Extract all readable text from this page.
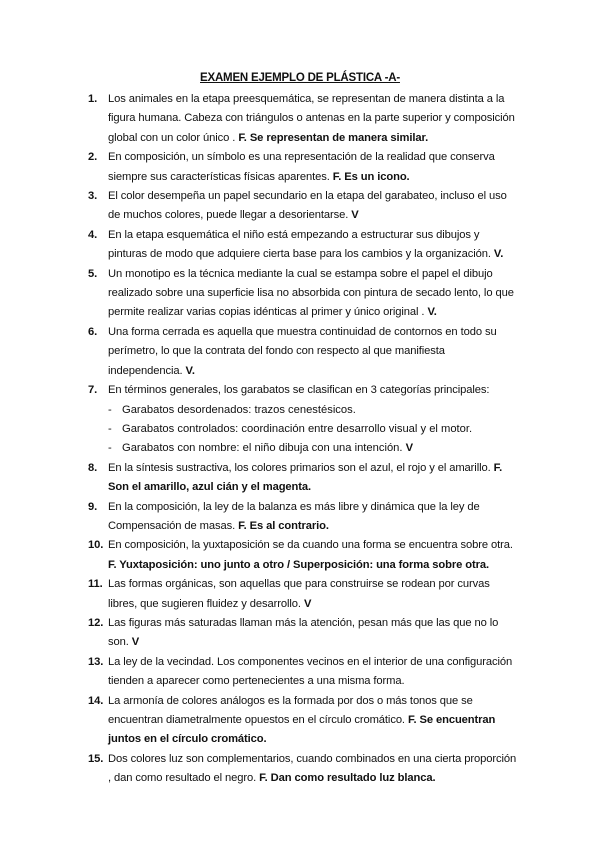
EXAMEN EJEMPLO DE PLÁSTICA -A-
1. Los animales en la etapa preesquemática, se representan de manera distinta a la figura humana. Cabeza con triángulos o antenas en la parte superior y composición global con un color único . F. Se representan de manera similar.
2. En composición, un símbolo es una representación de la realidad que conserva siempre sus características físicas aparentes. F. Es un icono.
3. El color desempeña un papel secundario en la etapa del garabateo, incluso el uso de muchos colores, puede llegar a desorientarse. V
4. En la etapa esquemática el niño está empezando a estructurar sus dibujos y pinturas de modo que adquiere cierta base para los cambios y la organización. V.
5. Un monotipo es la técnica mediante la cual se estampa sobre el papel el dibujo realizado sobre una superficie lisa no absorbida con pintura de secado lento, lo que permite realizar varias copias idénticas al primer y único original . V.
6. Una forma cerrada es aquella que muestra continuidad de contornos en todo su perímetro, lo que la contrata del fondo con respecto al que manifiesta independencia. V.
7. En términos generales, los garabatos se clasifican en 3 categorías principales:
- Garabatos desordenados: trazos cenestésicos.
- Garabatos controlados: coordinación entre desarrollo visual y el motor.
- Garabatos con nombre: el niño dibuja con una intención. V
8. En la síntesis sustractiva, los colores primarios son el azul, el rojo y el amarillo. F. Son el amarillo, azul cián y el magenta.
9. En la composición, la ley de la balanza es más libre y dinámica que la ley de Compensación de masas. F. Es al contrario.
10. En composición, la yuxtaposición se da cuando una forma se encuentra sobre otra. F. Yuxtaposición: uno junto a otro / Superposición: una forma sobre otra.
11. Las formas orgánicas, son aquellas que para construirse se rodean por curvas libres, que sugieren fluidez y desarrollo. V
12. Las figuras más saturadas llaman más la atención, pesan más que las que no lo son. V
13. La ley de la vecindad. Los componentes vecinos en el interior de una configuración tienden a aparecer como pertenecientes a una misma forma.
14. La armonía de colores análogos es la formada por dos o más tonos que se encuentran diametralmente opuestos en el círculo cromático. F. Se encuentran juntos en el círculo cromático.
15. Dos colores luz son complementarios, cuando combinados en una cierta proporción , dan como resultado el negro. F. Dan como resultado luz blanca.
